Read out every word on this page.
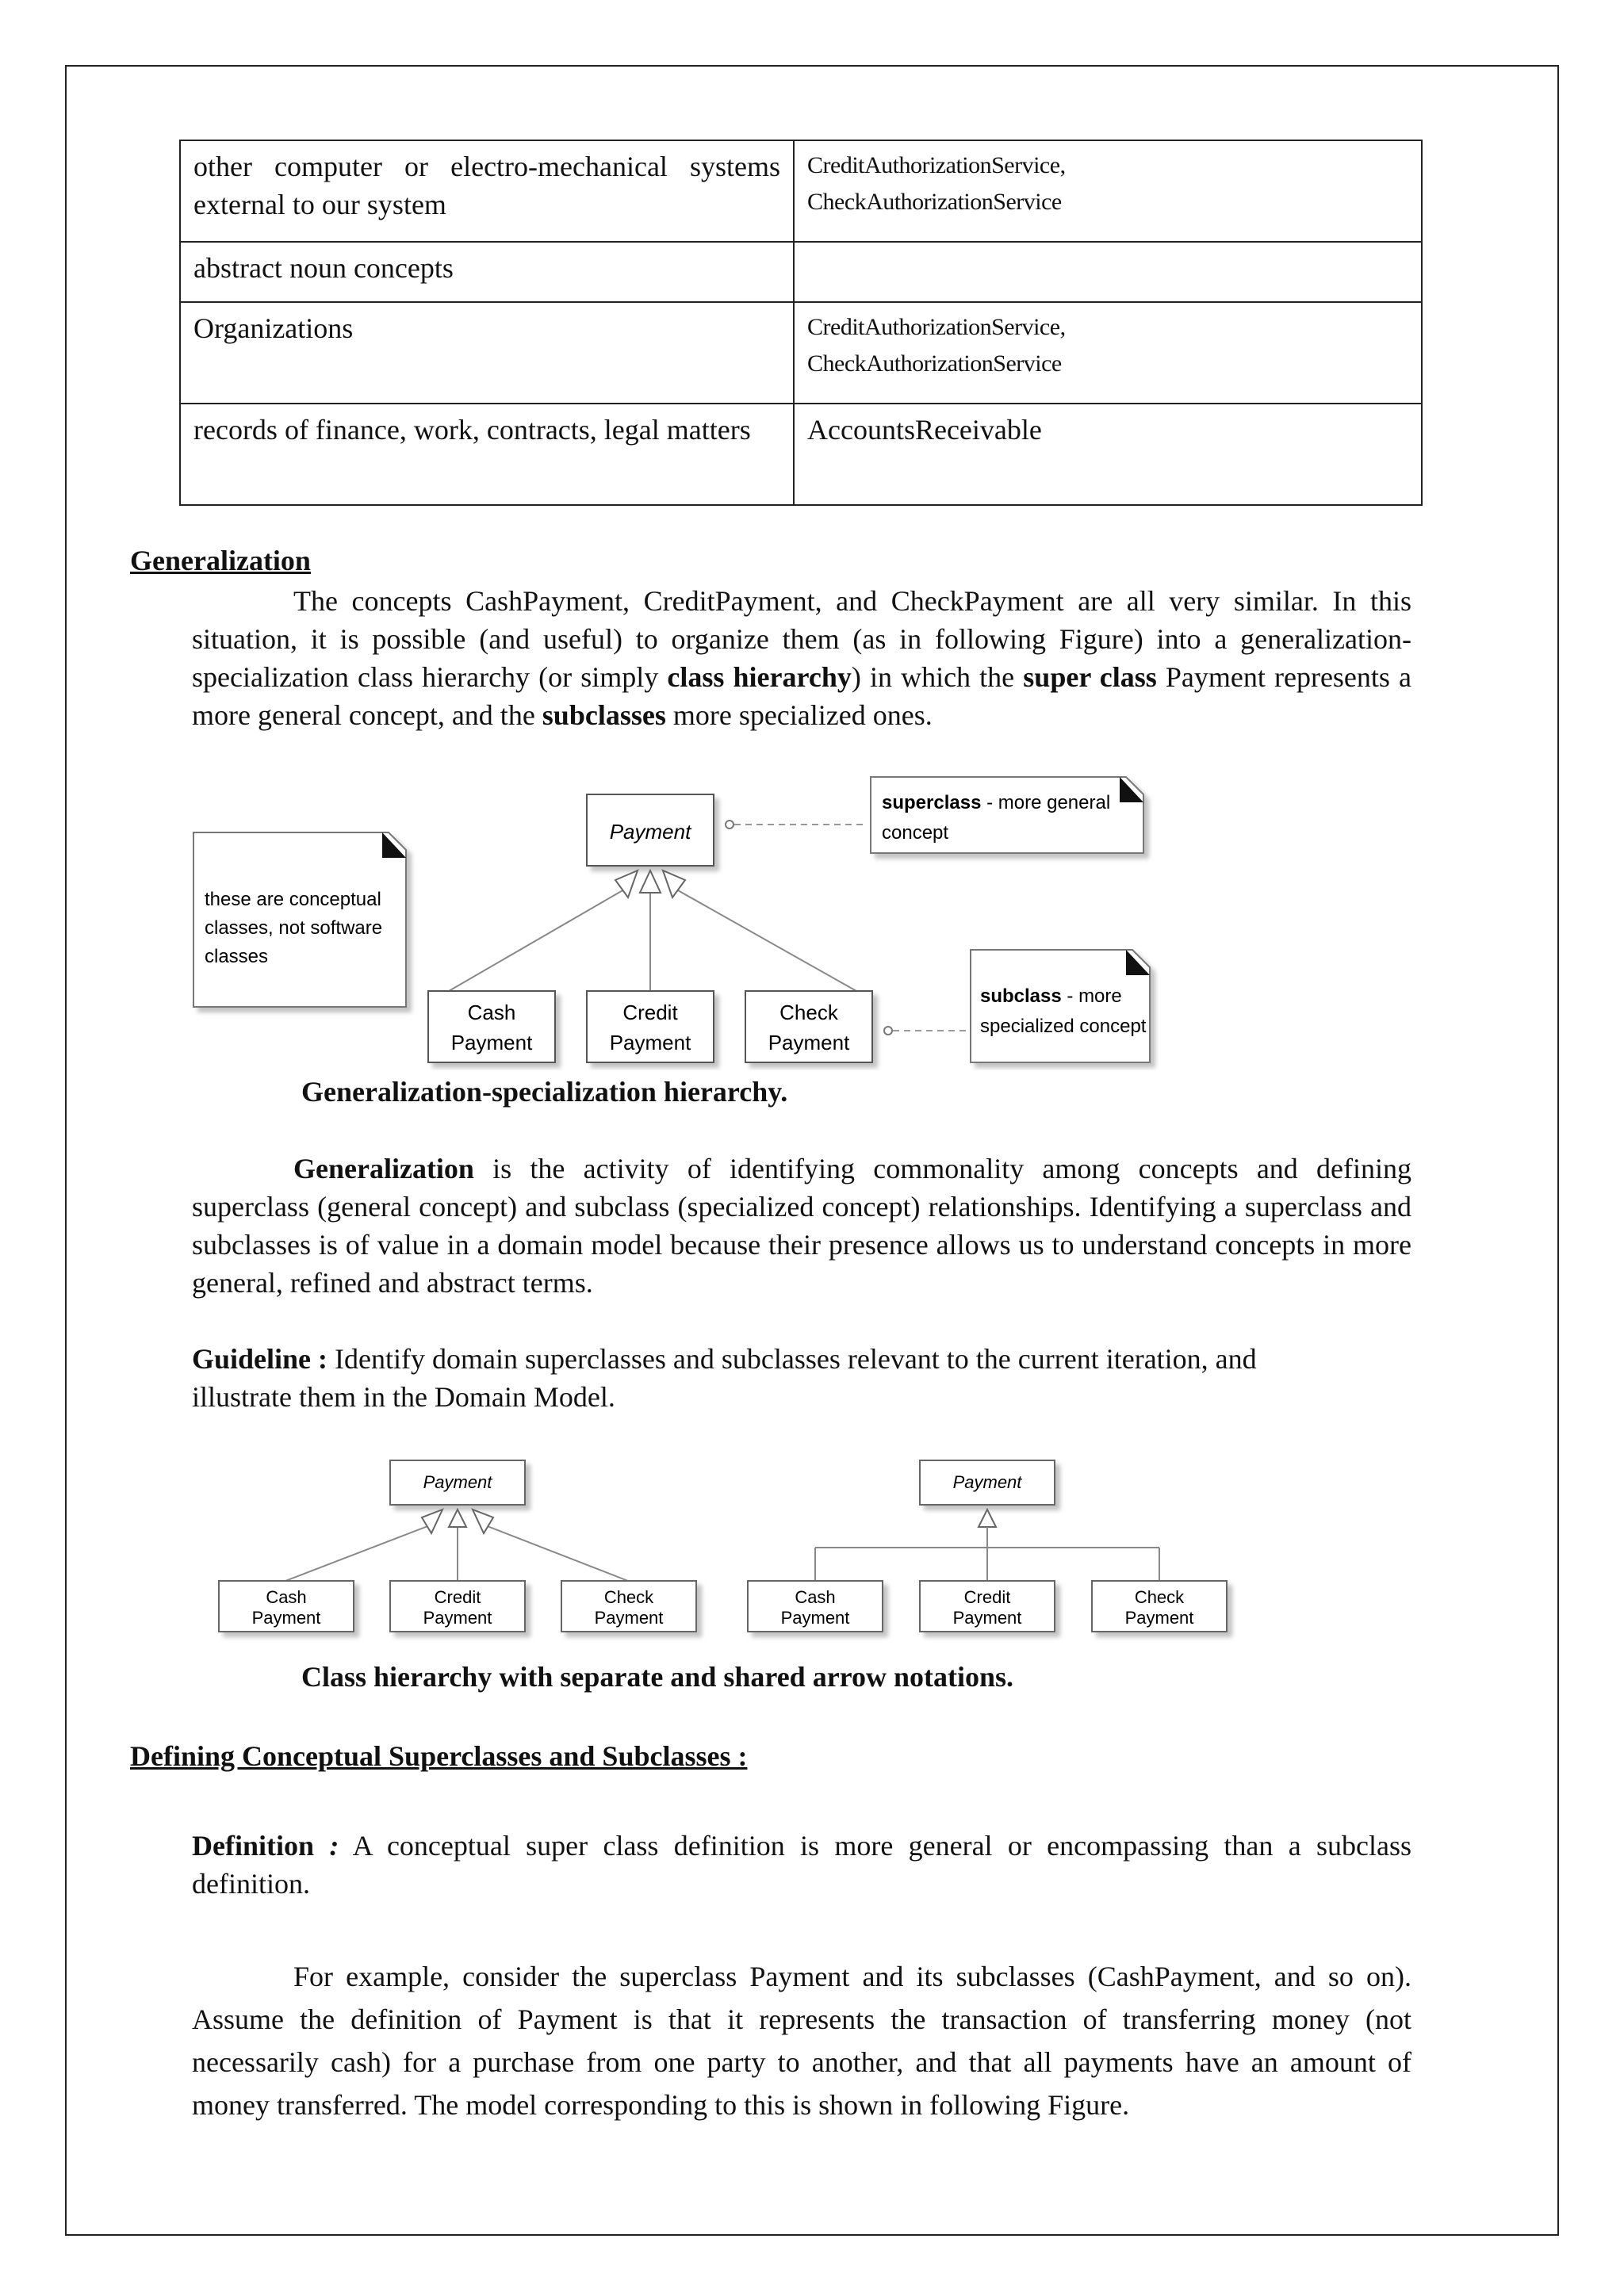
other computer or electro-mechanical systems external to our system	CreditAuthorizationService,
CheckAuthorizationService

abstract noun concepts	
Organizations	CreditAuthorizationService,
CheckAuthorizationService

records of finance, work, contracts, legal matters	AccountsReceivable
Generalization
The concepts CashPayment, CreditPayment, and CheckPayment are all very similar. In this situation, it is possible (and useful) to organize them (as in following Figure) into a generalization-specialization class hierarchy (or simply class hierarchy) in which the super class Payment represents a more general concept, and the subclasses more specialized ones.
Payment
superclass - more general
concept
these are conceptual
classes, not software
classes
Cash
Payment
Credit
Payment
Check
Payment
subclass - more
specialized concept
Generalization-specialization hierarchy.
Generalization is the activity of identifying commonality among concepts and defining superclass (general concept) and subclass (specialized concept) relationships. Identifying a superclass and subclasses is of value in a domain model because their presence allows us to understand concepts in more general, refined and abstract terms.
Guideline : Identify domain superclasses and subclasses relevant to the current iteration, and illustrate them in the Domain Model.
Payment
Cash
Payment
Credit
Payment
Check
Payment
Payment
Cash
Payment
Credit
Payment
Check
Payment
Class hierarchy with separate and shared arrow notations.
Defining Conceptual Superclasses and Subclasses :
Definition : A conceptual super class definition is more general or encompassing than a subclass definition.
For example, consider the superclass Payment and its subclasses (CashPayment, and so on). Assume the definition of Payment is that it represents the transaction of transferring money (not necessarily cash) for a purchase from one party to another, and that all payments have an amount of money transferred. The model corresponding to this is shown in following Figure.
